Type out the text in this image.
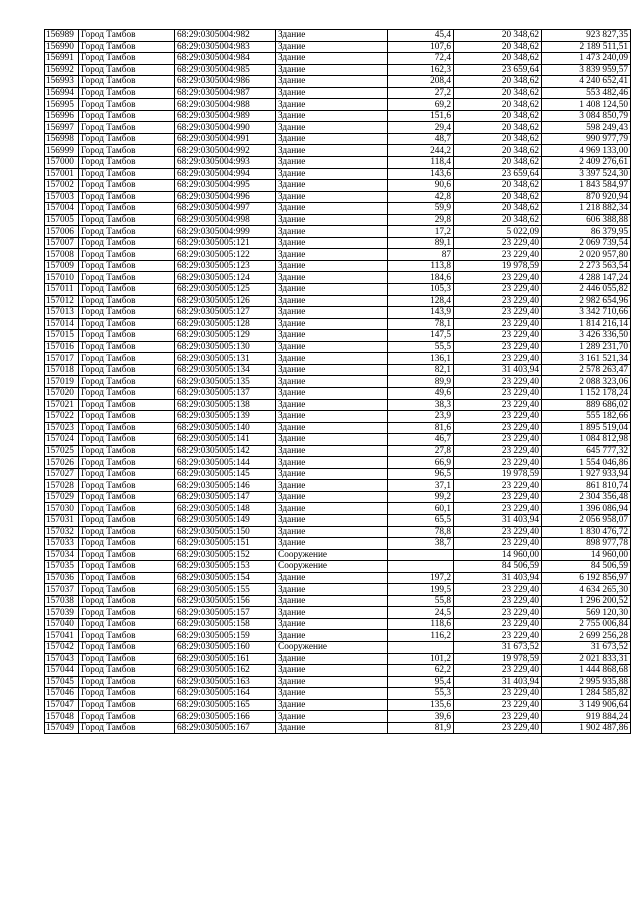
156989	Город Тамбов	68:29:0305004:982	Здание	45,4	20 348,62	923 827,35
156990	Город Тамбов	68:29:0305004:983	Здание	107,6	20 348,62	2 189 511,51
156991	Город Тамбов	68:29:0305004:984	Здание	72,4	20 348,62	1 473 240,09
156992	Город Тамбов	68:29:0305004:985	Здание	162,3	23 659,64	3 839 959,57
156993	Город Тамбов	68:29:0305004:986	Здание	208,4	20 348,62	4 240 652,41
156994	Город Тамбов	68:29:0305004:987	Здание	27,2	20 348,62	553 482,46
156995	Город Тамбов	68:29:0305004:988	Здание	69,2	20 348,62	1 408 124,50
156996	Город Тамбов	68:29:0305004:989	Здание	151,6	20 348,62	3 084 850,79
156997	Город Тамбов	68:29:0305004:990	Здание	29,4	20 348,62	598 249,43
156998	Город Тамбов	68:29:0305004:991	Здание	48,7	20 348,62	990 977,79
156999	Город Тамбов	68:29:0305004:992	Здание	244,2	20 348,62	4 969 133,00
157000	Город Тамбов	68:29:0305004:993	Здание	118,4	20 348,62	2 409 276,61
157001	Город Тамбов	68:29:0305004:994	Здание	143,6	23 659,64	3 397 524,30
157002	Город Тамбов	68:29:0305004:995	Здание	90,6	20 348,62	1 843 584,97
157003	Город Тамбов	68:29:0305004:996	Здание	42,8	20 348,62	870 920,94
157004	Город Тамбов	68:29:0305004:997	Здание	59,9	20 348,62	1 218 882,34
157005	Город Тамбов	68:29:0305004:998	Здание	29,8	20 348,62	606 388,88
157006	Город Тамбов	68:29:0305004:999	Здание	17,2	5 022,09	86 379,95
157007	Город Тамбов	68:29:0305005:121	Здание	89,1	23 229,40	2 069 739,54
157008	Город Тамбов	68:29:0305005:122	Здание	87	23 229,40	2 020 957,80
157009	Город Тамбов	68:29:0305005:123	Здание	113,8	19 978,59	2 273 563,54
157010	Город Тамбов	68:29:0305005:124	Здание	184,6	23 229,40	4 288 147,24
157011	Город Тамбов	68:29:0305005:125	Здание	105,3	23 229,40	2 446 055,82
157012	Город Тамбов	68:29:0305005:126	Здание	128,4	23 229,40	2 982 654,96
157013	Город Тамбов	68:29:0305005:127	Здание	143,9	23 229,40	3 342 710,66
157014	Город Тамбов	68:29:0305005:128	Здание	78,1	23 229,40	1 814 216,14
157015	Город Тамбов	68:29:0305005:129	Здание	147,5	23 229,40	3 426 336,50
157016	Город Тамбов	68:29:0305005:130	Здание	55,5	23 229,40	1 289 231,70
157017	Город Тамбов	68:29:0305005:131	Здание	136,1	23 229,40	3 161 521,34
157018	Город Тамбов	68:29:0305005:134	Здание	82,1	31 403,94	2 578 263,47
157019	Город Тамбов	68:29:0305005:135	Здание	89,9	23 229,40	2 088 323,06
157020	Город Тамбов	68:29:0305005:137	Здание	49,6	23 229,40	1 152 178,24
157021	Город Тамбов	68:29:0305005:138	Здание	38,3	23 229,40	889 686,02
157022	Город Тамбов	68:29:0305005:139	Здание	23,9	23 229,40	555 182,66
157023	Город Тамбов	68:29:0305005:140	Здание	81,6	23 229,40	1 895 519,04
157024	Город Тамбов	68:29:0305005:141	Здание	46,7	23 229,40	1 084 812,98
157025	Город Тамбов	68:29:0305005:142	Здание	27,8	23 229,40	645 777,32
157026	Город Тамбов	68:29:0305005:144	Здание	66,9	23 229,40	1 554 046,86
157027	Город Тамбов	68:29:0305005:145	Здание	96,5	19 978,59	1 927 933,94
157028	Город Тамбов	68:29:0305005:146	Здание	37,1	23 229,40	861 810,74
157029	Город Тамбов	68:29:0305005:147	Здание	99,2	23 229,40	2 304 356,48
157030	Город Тамбов	68:29:0305005:148	Здание	60,1	23 229,40	1 396 086,94
157031	Город Тамбов	68:29:0305005:149	Здание	65,5	31 403,94	2 056 958,07
157032	Город Тамбов	68:29:0305005:150	Здание	78,8	23 229,40	1 830 476,72
157033	Город Тамбов	68:29:0305005:151	Здание	38,7	23 229,40	898 977,78
157034	Город Тамбов	68:29:0305005:152	Сооружение		14 960,00	14 960,00
157035	Город Тамбов	68:29:0305005:153	Сооружение		84 506,59	84 506,59
157036	Город Тамбов	68:29:0305005:154	Здание	197,2	31 403,94	6 192 856,97
157037	Город Тамбов	68:29:0305005:155	Здание	199,5	23 229,40	4 634 265,30
157038	Город Тамбов	68:29:0305005:156	Здание	55,8	23 229,40	1 296 200,52
157039	Город Тамбов	68:29:0305005:157	Здание	24,5	23 229,40	569 120,30
157040	Город Тамбов	68:29:0305005:158	Здание	118,6	23 229,40	2 755 006,84
157041	Город Тамбов	68:29:0305005:159	Здание	116,2	23 229,40	2 699 256,28
157042	Город Тамбов	68:29:0305005:160	Сооружение		31 673,52	31 673,52
157043	Город Тамбов	68:29:0305005:161	Здание	101,2	19 978,59	2 021 833,31
157044	Город Тамбов	68:29:0305005:162	Здание	62,2	23 229,40	1 444 868,68
157045	Город Тамбов	68:29:0305005:163	Здание	95,4	31 403,94	2 995 935,88
157046	Город Тамбов	68:29:0305005:164	Здание	55,3	23 229,40	1 284 585,82
157047	Город Тамбов	68:29:0305005:165	Здание	135,6	23 229,40	3 149 906,64
157048	Город Тамбов	68:29:0305005:166	Здание	39,6	23 229,40	919 884,24
157049	Город Тамбов	68:29:0305005:167	Здание	81,9	23 229,40	1 902 487,86
